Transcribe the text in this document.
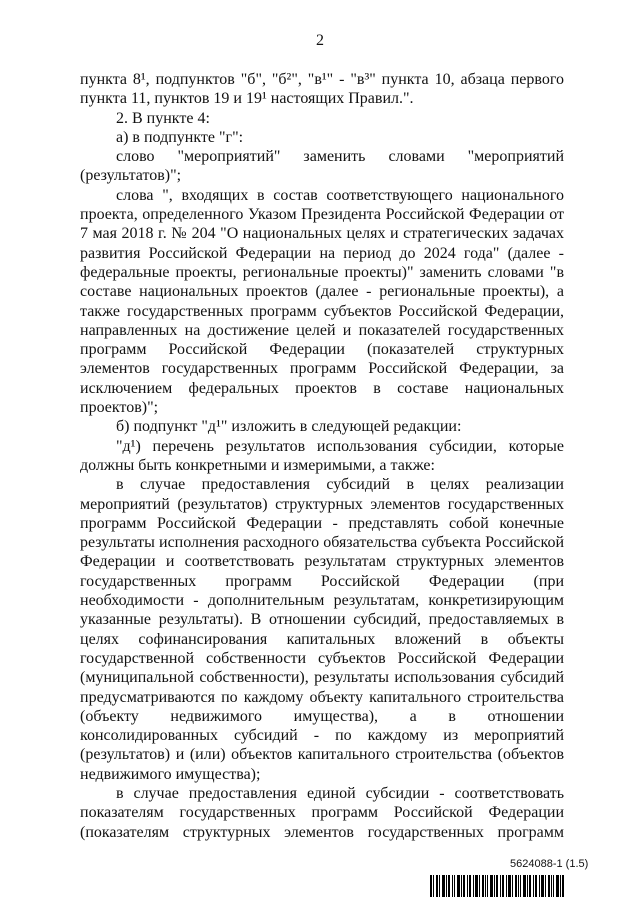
2

пункта 8¹, подпунктов "б", "б²", "в¹" - "в³" пункта 10, абзаца первого пункта 11, пунктов 19 и 19¹ настоящих Правил.".

2. В пункте 4:

а) в подпункте "г":

слово "мероприятий" заменить словами "мероприятий (результатов)";

слова ", входящих в состав соответствующего национального проекта, определенного Указом Президента Российской Федерации от 7 мая 2018 г. № 204 "О национальных целях и стратегических задачах развития Российской Федерации на период до 2024 года" (далее - федеральные проекты, региональные проекты)" заменить словами "в составе национальных проектов (далее - региональные проекты), а также государственных программ субъектов Российской Федерации, направленных на достижение целей и показателей государственных программ Российской Федерации (показателей структурных элементов государственных программ Российской Федерации, за исключением федеральных проектов в составе национальных проектов)";

б) подпункт "д¹" изложить в следующей редакции:

"д¹) перечень результатов использования субсидии, которые должны быть конкретными и измеримыми, а также:

в случае предоставления субсидий в целях реализации мероприятий (результатов) структурных элементов государственных программ Российской Федерации - представлять собой конечные результаты исполнения расходного обязательства субъекта Российской Федерации и соответствовать результатам структурных элементов государственных программ Российской Федерации (при необходимости - дополнительным результатам, конкретизирующим указанные результаты). В отношении субсидий, предоставляемых в целях софинансирования капитальных вложений в объекты государственной собственности субъектов Российской Федерации (муниципальной собственности), результаты использования субсидий предусматриваются по каждому объекту капитального строительства (объекту недвижимого имущества), а в отношении консолидированных субсидий - по каждому из мероприятий (результатов) и (или) объектов капитального строительства (объектов недвижимого имущества);

в случае предоставления единой субсидии - соответствовать показателям государственных программ Российской Федерации (показателям структурных элементов государственных программ

5624088-1 (1.5)
